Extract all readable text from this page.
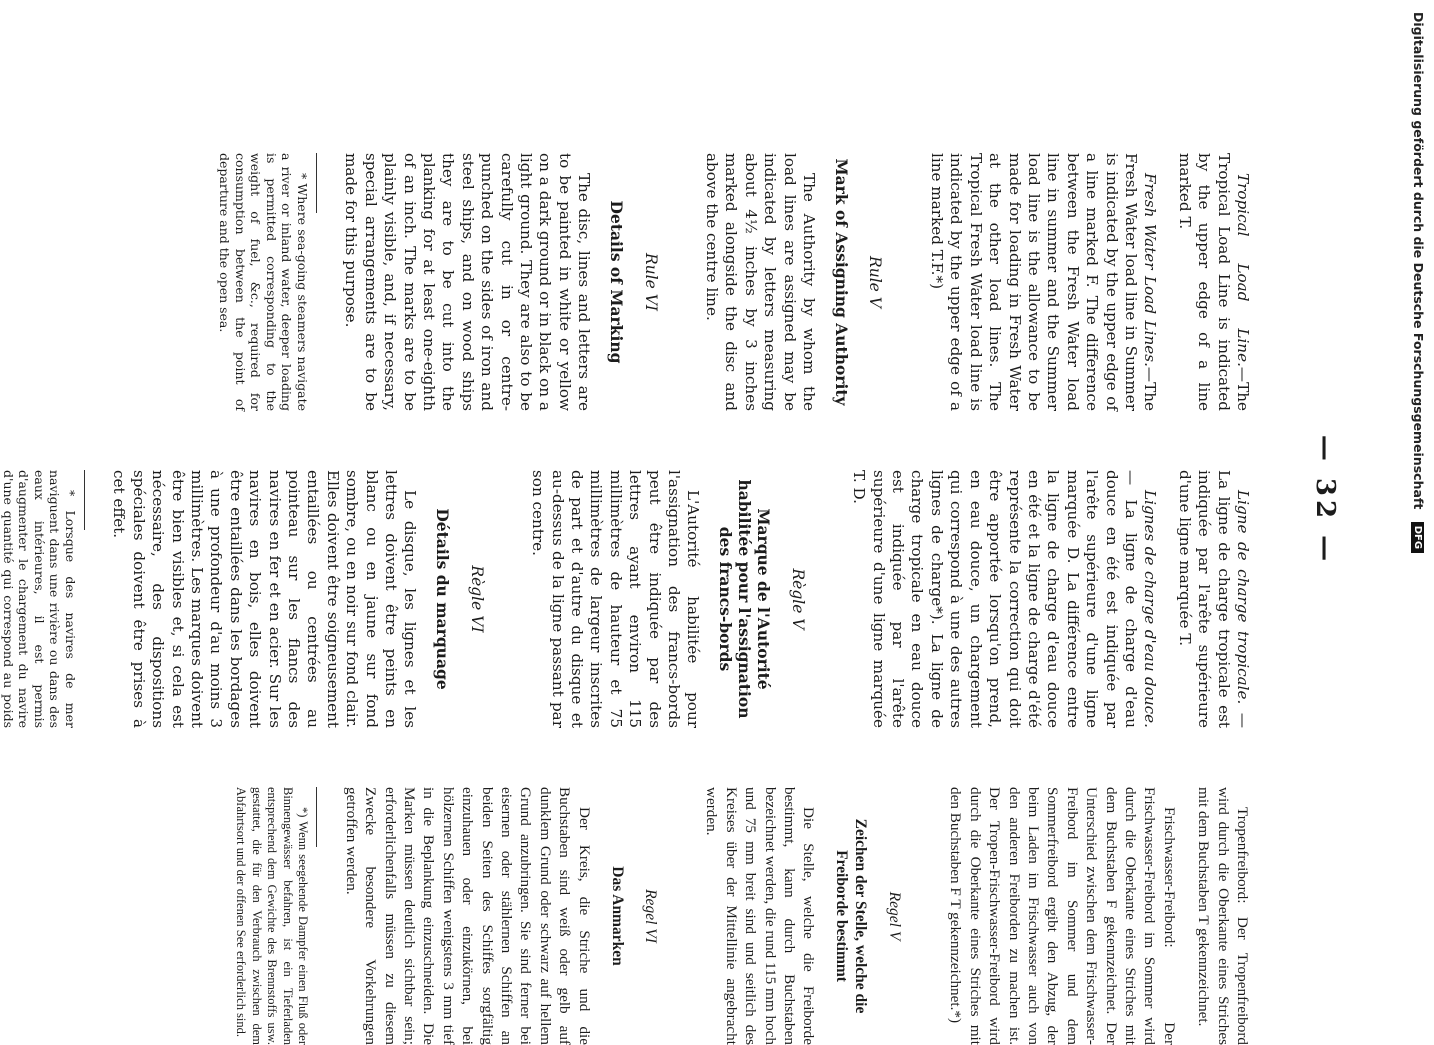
— 32 —

Tropical Load Line.—The Tropical Load Line is indicated by the upper edge of a line marked T.

Fresh Water Load Lines.—The Fresh Water load line in Summer is indicated by the upper edge of a line marked F. The difference between the Fresh Water load line in summer and the Summer load line is the allowance to be made for loading in Fresh Water at the other load lines. The Tropical Fresh Water load line is indicated by the upper edge of a line marked T.F.*)

Rule V
Mark of Assigning Authority

The Authority by whom the load lines are assigned may be indicated by letters measuring about 4½ inches by 3 inches marked alongside the disc and above the centre line.

Rule VI
Details of Marking

The disc, lines and letters are to be painted in white or yellow on a dark ground or in black on a light ground. They are also to be carefully cut in or centre-punched on the sides of iron and steel ships, and on wood ships they are to be cut into the planking for at least one-eighth of an inch. The marks are to be plainly visible, and, if necessary, special arrangements are to be made for this purpose.

* Where sea-going steamers navigate a river or inland water, deeper loading is permitted corresponding to the weight of fuel, &c., required for consumption between the point of departure and the open sea.

Ligne de charge tropicale. — La ligne de charge tropicale est indiquée par l'arête supérieure d'une ligne marquée T.

Lignes de charge d'eau douce. — La ligne de charge d'eau douce en été est indiquée par l'arête supérieure d'une ligne marquée D. La différence entre la ligne de charge d'eau douce en été et la ligne de charge d'été représente la correction qui doit être apportée lorsqu'on prend, en eau douce, un chargement qui correspond à une des autres lignes de charge*). La ligne de charge tropicale en eau douce est indiquée par l'arête supérieure d'une ligne marquée T. D.

Règle V
Marque de l'Autorité habilitée pour l'assignation des francs-bords

L'Autorité habilitée pour l'assignation des francs-bords peut être indiquée par des lettres ayant environ 115 millimètres de hauteur et 75 millimètres de largeur inscrites de part et d'autre du disque et au-dessus de la ligne passant par son centre.

Règle VI
Détails du marquage

Le disque, les lignes et les lettres doivent être peints en blanc ou en jaune sur fond sombre, ou en noir sur fond clair. Elles doivent être soigneusement entaillées ou centrées au pointeau sur les flancs des navires en fer et en acier. Sur les navires en bois, elles doivent être entaillées dans les bordages à une profondeur d'au moins 3 millimètres. Les marques doivent être bien visibles et, si cela est nécessaire, des dispositions spéciales doivent être prises à cet effet.

* Lorsque des navires de mer naviguent dans une rivière ou dans des eaux intérieures, il est permis d'augmenter le chargement du navire d'une quantité qui correspond au poids

Tropenfreibord: Der Tropenfreibord wird durch die Oberkante eines Striches mit dem Buchstaben T gekennzeichnet.

Frischwasser-Freibord: Der Frischwasser-Freibord im Sommer wird durch die Oberkante eines Striches mit dem Buchstaben F gekennzeichnet. Der Unterschied zwischen dem Frischwasser-Freibord im Sommer und dem Sommerfreibord ergibt den Abzug, der beim Laden im Frischwasser auch von den anderen Freiborden zu machen ist. Der Tropen-Frischwasser-Freibord wird durch die Oberkante eines Striches mit den Buchstaben F T gekennzeichnet.*)

Regel V
Zeichen der Stelle, welche die Freiborde bestimmt

Die Stelle, welche die Freiborde bestimmt, kann durch Buchstaben bezeichnet werden, die rund 115 mm hoch und 75 mm breit sind und seitlich des Kreises über der Mittellinie angebracht werden.

Regel VI
Das Anmarken

Der Kreis, die Striche und die Buchstaben sind weiß oder gelb auf dunklem Grund oder schwarz auf hellem Grund anzubringen. Sie sind ferner bei eisernen oder stählernen Schiffen an beiden Seiten des Schiffes sorgfältig einzuhauen oder einzukörnen, bei hölzernen Schiffen wenigstens 3 mm tief in die Beplankung einzuschneiden. Die Marken müssen deutlich sichtbar sein; erforderlichenfalls müssen zu diesem Zwecke besondere Vorkehrungen getroffen werden.

*) Wenn seegehende Dampfer einen Fluß oder Binnengewässer befahren, ist ein Tieferladen entsprechend dem Gewichte des Brennstoffs usw. gestattet, die für den Verbrauch zwischen dem Abfahrtsort und der offenen See erforderlich sind.

Digitalisierung gefördert durch die Deutsche Forschungsgemeinschaft DFG
